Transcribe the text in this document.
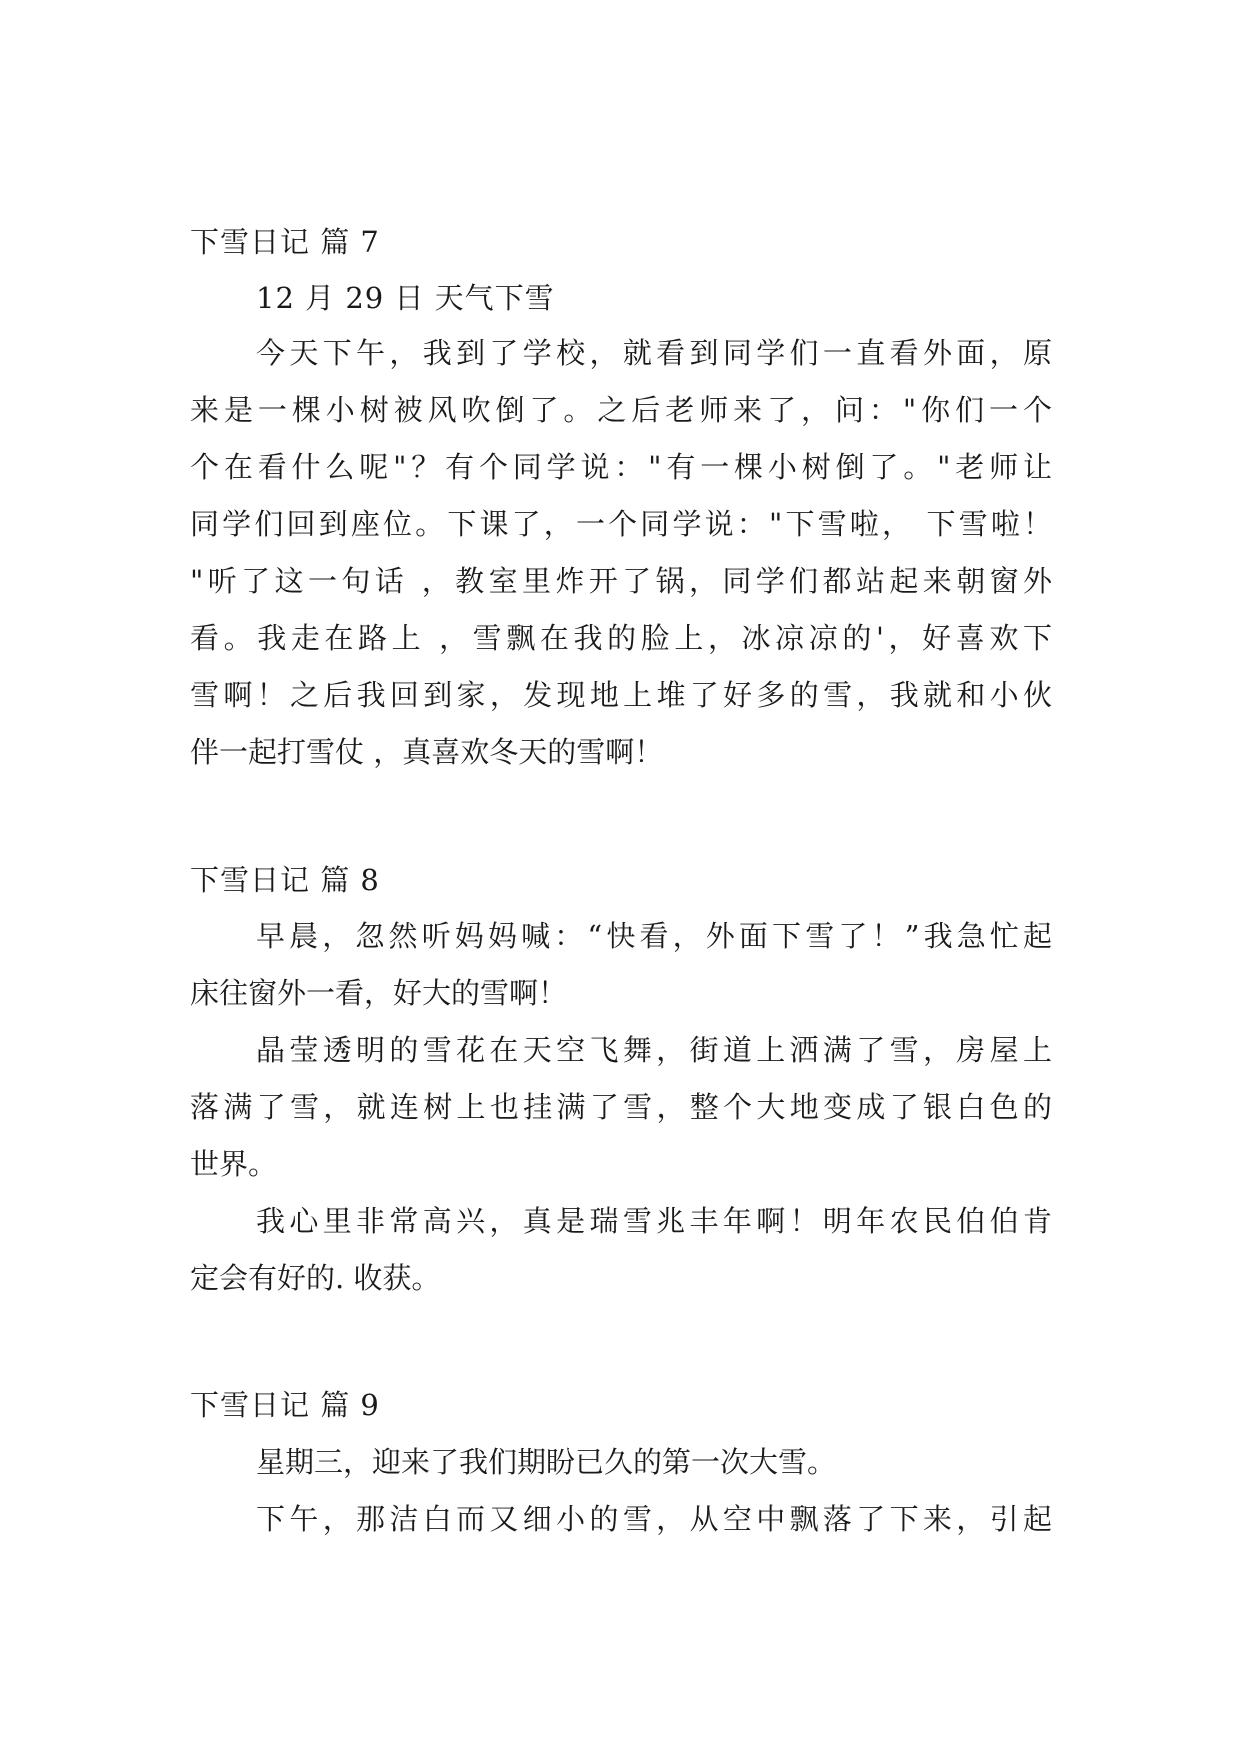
下雪日记 篇 7
12 月 29 日 天气下雪
今天下午，我到了学校，就看到同学们一直看外面，原
来是一棵小树被风吹倒了。之后老师来了，问："你们一个
个在看什么呢"？有个同学说："有一棵小树倒了。"老师让
同学们回到座位。下课了，一个同学说："下雪啦， 下雪啦！
"听了这一句话 ，教室里炸开了锅，同学们都站起来朝窗外
看。我走在路上 ，雪飘在我的脸上，冰凉凉的'，好喜欢下
雪啊！之后我回到家，发现地上堆了好多的雪，我就和小伙
伴一起打雪仗 ，真喜欢冬天的雪啊！
下雪日记 篇 8
早晨，忽然听妈妈喊：“快看，外面下雪了！”我急忙起
床往窗外一看，好大的雪啊！
晶莹透明的雪花在天空飞舞，街道上洒满了雪，房屋上
落满了雪，就连树上也挂满了雪，整个大地变成了银白色的
世界。
我心里非常高兴，真是瑞雪兆丰年啊！明年农民伯伯肯
定会有好的. 收获。
下雪日记 篇 9
星期三，迎来了我们期盼已久的第一次大雪。
下午，那洁白而又细小的雪，从空中飘落了下来，引起
